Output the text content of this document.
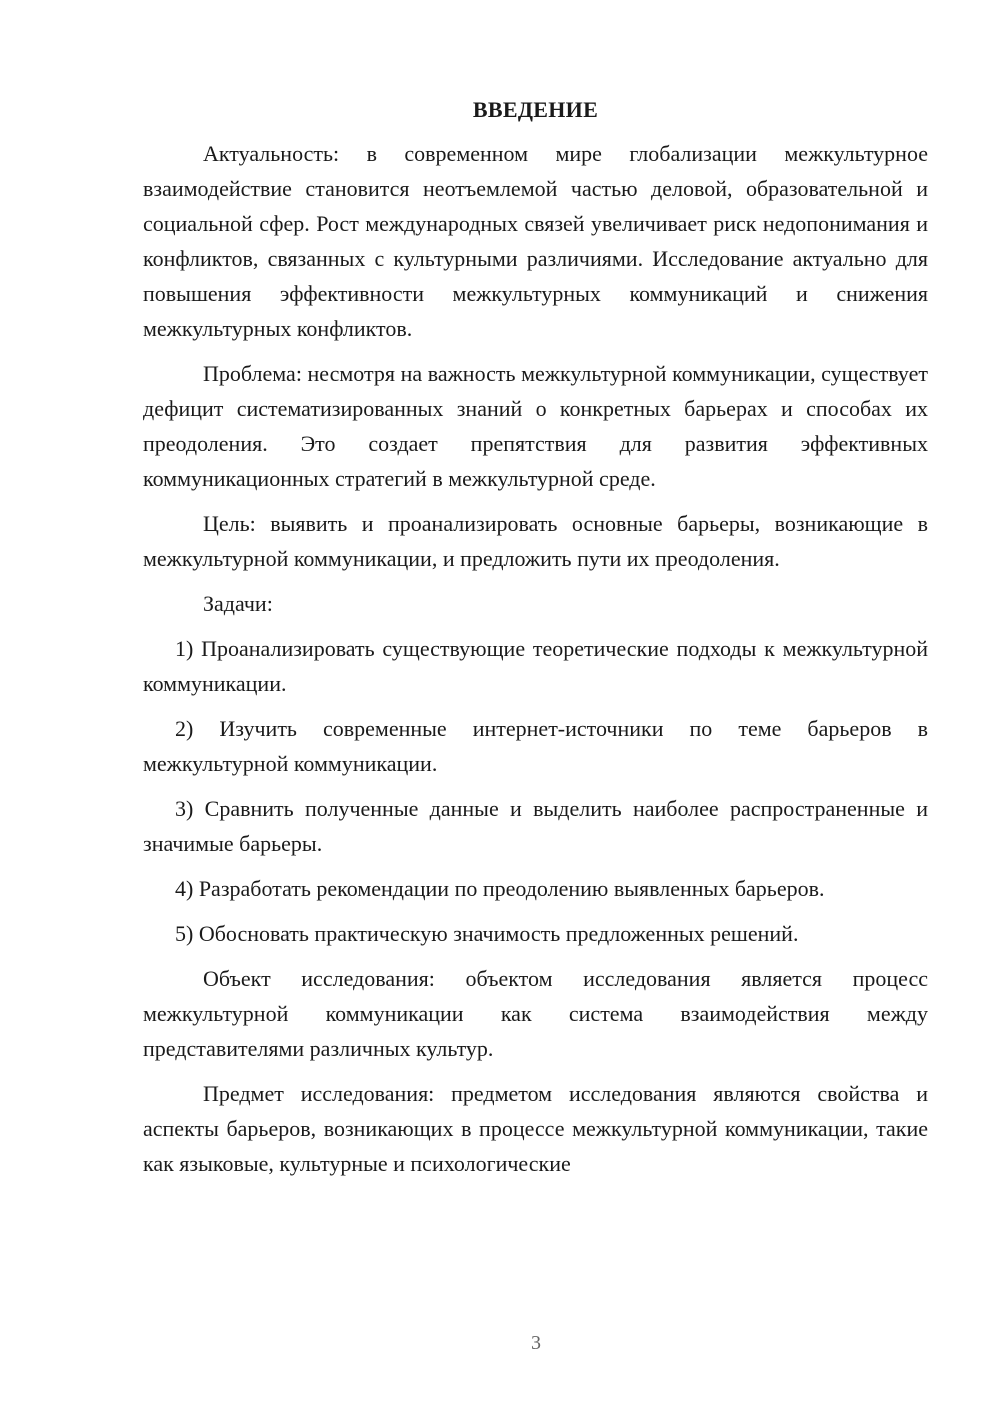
ВВЕДЕНИЕ

Актуальность: в современном мире глобализации межкультурное взаимодействие становится неотъемлемой частью деловой, образовательной и социальной сфер. Рост международных связей увеличивает риск недопонимания и конфликтов, связанных с культурными различиями. Исследование актуально для повышения эффективности межкультурных коммуникаций и снижения межкультурных конфликтов.

Проблема: несмотря на важность межкультурной коммуникации, существует дефицит систематизированных знаний о конкретных барьерах и способах их преодоления. Это создает препятствия для развития эффективных коммуникационных стратегий в межкультурной среде.

Цель: выявить и проанализировать основные барьеры, возникающие в межкультурной коммуникации, и предложить пути их преодоления.

Задачи:

1) Проанализировать существующие теоретические подходы к межкультурной коммуникации.

2) Изучить современные интернет-источники по теме барьеров в межкультурной коммуникации.

3) Сравнить полученные данные и выделить наиболее распространенные и значимые барьеры.

4) Разработать рекомендации по преодолению выявленных барьеров.

5) Обосновать практическую значимость предложенных решений.

Объект исследования: объектом исследования является процесс межкультурной коммуникации как система взаимодействия между представителями различных культур.

Предмет исследования: предметом исследования являются свойства и аспекты барьеров, возникающих в процессе межкультурной коммуникации, такие как языковые, культурные и психологические

3
